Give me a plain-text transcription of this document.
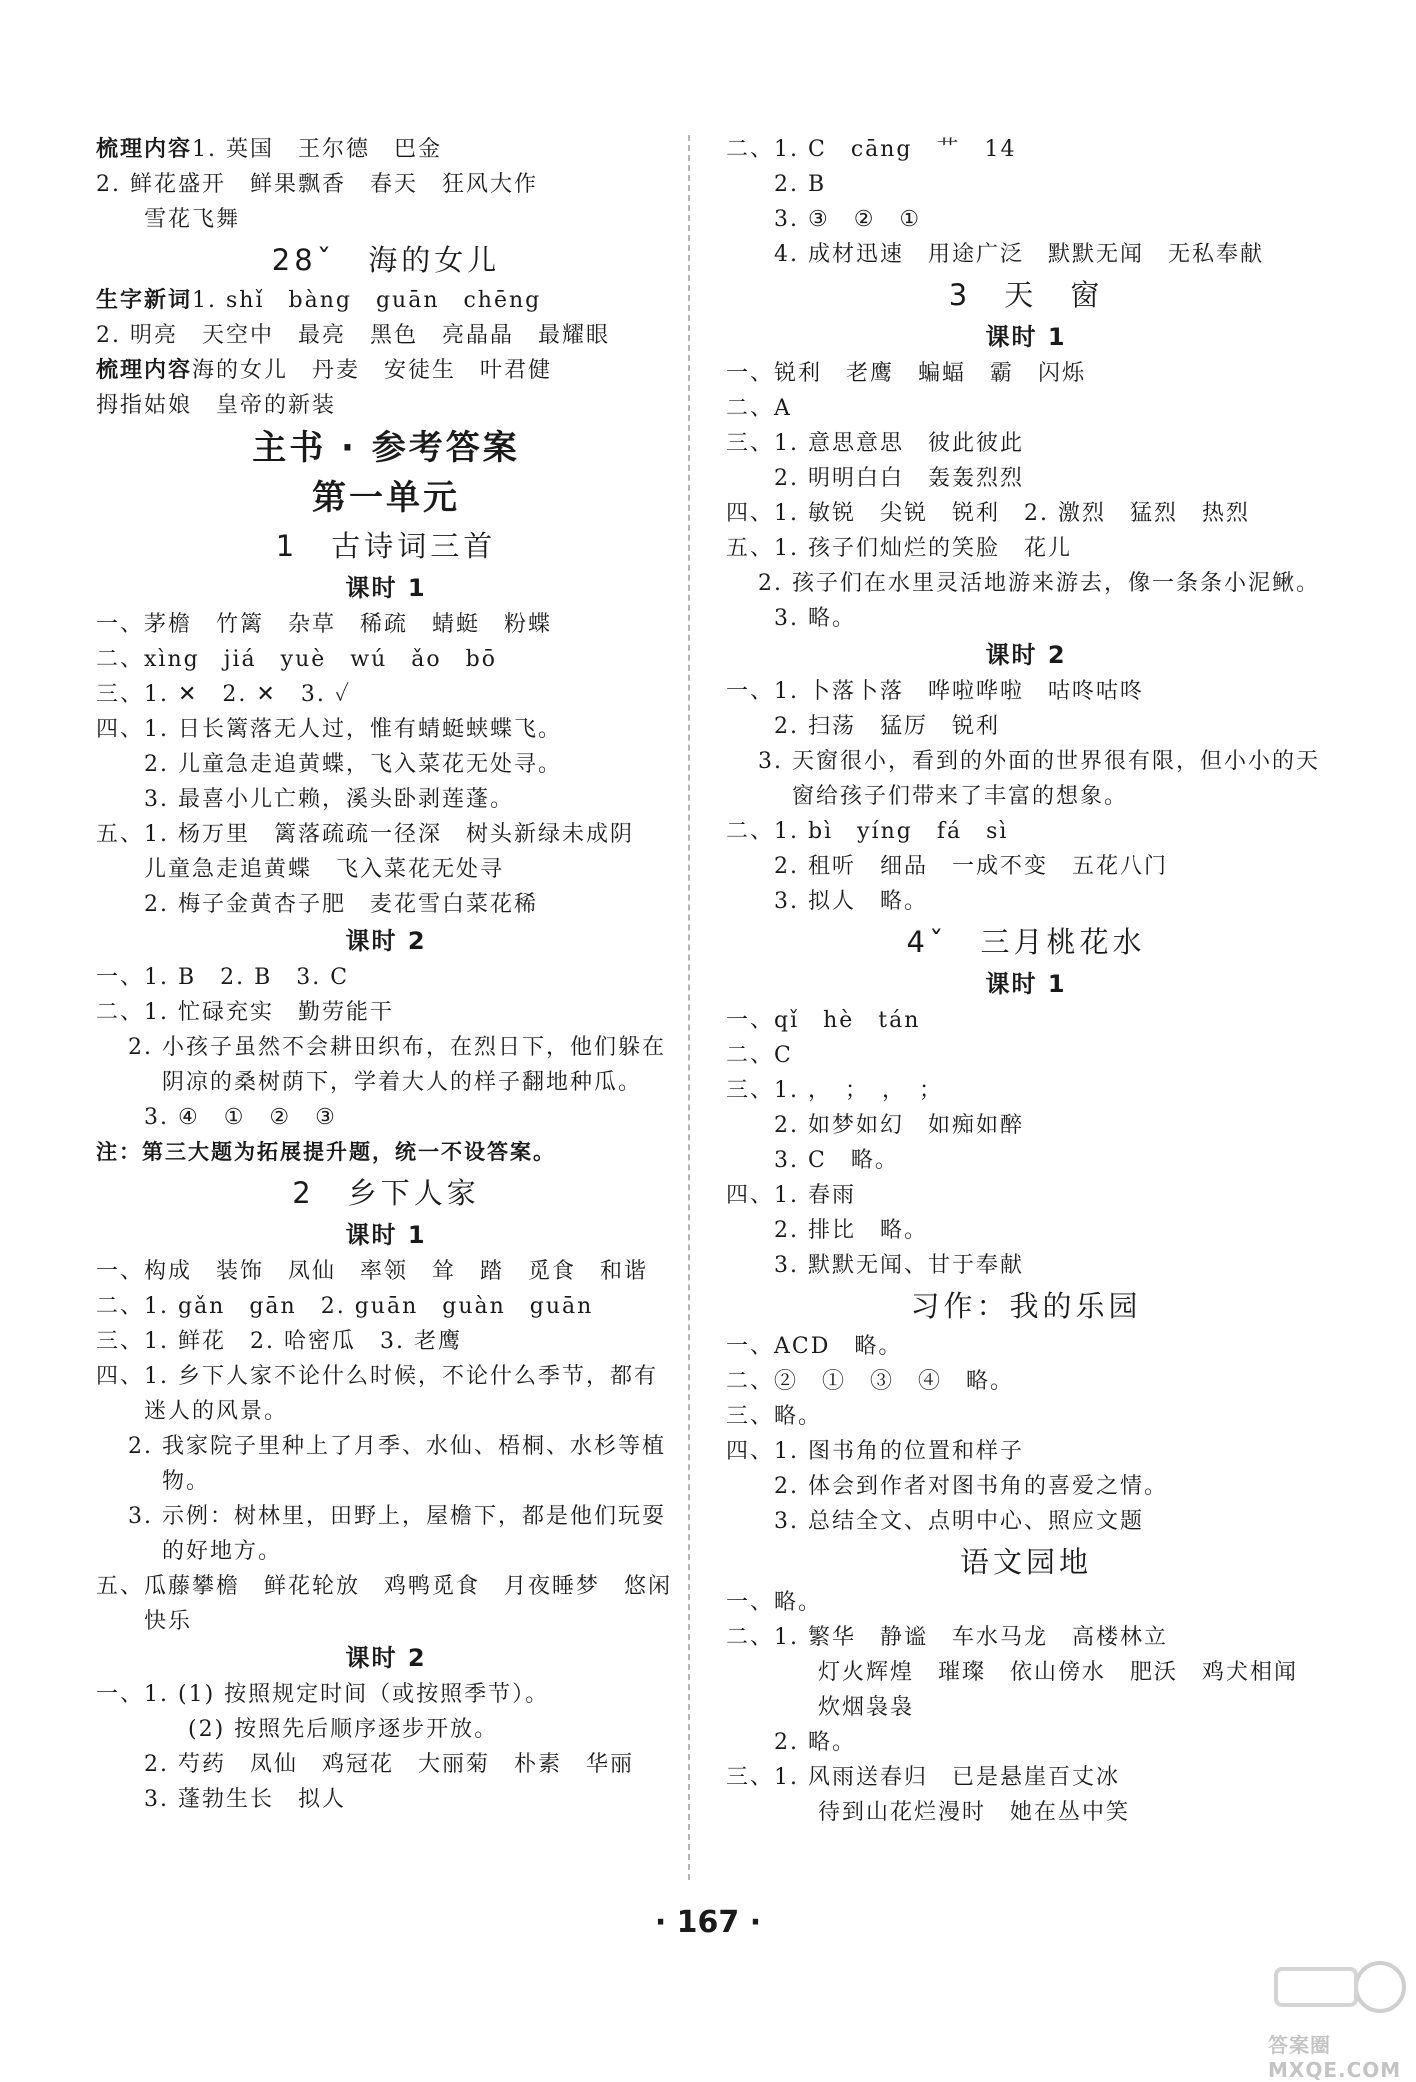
梳理内容1. 英国　王尔德　巴金
2. 鲜花盛开　鲜果飘香　春天　狂风大作
雪花飞舞
28ˇ　海的女儿
生字新词1. shǐ　bàng　guān　chēng
2. 明亮　天空中　最亮　黑色　亮晶晶　最耀眼
梳理内容海的女儿　丹麦　安徒生　叶君健
拇指姑娘　皇帝的新装
主书 · 参考答案
第一单元
1　古诗词三首
课时 1
一、茅檐　竹篱　杂草　稀疏　蜻蜓　粉蝶
二、xìng　jiá　yuè　wú　ǎo　bō
三、1. ✕　2. ✕　3. ✓
四、1. 日长篱落无人过，惟有蜻蜓蛱蝶飞。
2. 儿童急走追黄蝶，飞入菜花无处寻。
3. 最喜小儿亡赖，溪头卧剥莲蓬。
五、1. 杨万里　篱落疏疏一径深　树头新绿未成阴
儿童急走追黄蝶　飞入菜花无处寻
2. 梅子金黄杏子肥　麦花雪白菜花稀
课时 2
一、1. B　2. B　3. C
二、1. 忙碌充实　勤劳能干
2. 小孩子虽然不会耕田织布，在烈日下，他们躲在阴凉的桑树荫下，学着大人的样子翻地种瓜。
3. ④　①　②　③
注：第三大题为拓展提升题，统一不设答案。
2　乡下人家
课时 1
一、构成　装饰　凤仙　率领　耸　踏　觅食　和谐
二、1. gǎn　gān　2. guān　guàn　guān
三、1. 鲜花　2. 哈密瓜　3. 老鹰
四、1. 乡下人家不论什么时候，不论什么季节，都有迷人的风景。
2. 我家院子里种上了月季、水仙、梧桐、水杉等植物。
3. 示例：树林里，田野上，屋檐下，都是他们玩耍的好地方。
五、瓜藤攀檐　鲜花轮放　鸡鸭觅食　月夜睡梦　悠闲快乐
课时 2
一、1. (1) 按照规定时间（或按照季节）。
(2) 按照先后顺序逐步开放。
2. 芍药　凤仙　鸡冠花　大丽菊　朴素　华丽
3. 蓬勃生长　拟人
二、1. C　cāng　艹　14
2. B
3. ③　②　①
4. 成材迅速　用途广泛　默默无闻　无私奉献
3　天　窗
课时 1
一、锐利　老鹰　蝙蝠　霸　闪烁
二、A
三、1. 意思意思　彼此彼此
2. 明明白白　轰轰烈烈
四、1. 敏锐　尖锐　锐利　2. 激烈　猛烈　热烈
五、1. 孩子们灿烂的笑脸　花儿
2. 孩子们在水里灵活地游来游去，像一条条小泥鳅。
3. 略。
课时 2
一、1. 卜落卜落　哗啦哗啦　咕咚咕咚
2. 扫荡　猛厉　锐利
3. 天窗很小，看到的外面的世界很有限，但小小的天窗给孩子们带来了丰富的想象。
二、1. bì　yíng　fá　sì
2. 租听　细品　一成不变　五花八门
3. 拟人　略。
4ˇ　三月桃花水
课时 1
一、qǐ　hè　tán
二、C
三、1. ，　；　，　；
2. 如梦如幻　如痴如醉
3. C　略。
四、1. 春雨
2. 排比　略。
3. 默默无闻、甘于奉献
习作：我的乐园
一、ACD　略。
二、②　①　③　④　略。
三、略。
四、1. 图书角的位置和样子
2. 体会到作者对图书角的喜爱之情。
3. 总结全文、点明中心、照应文题
语文园地
一、略。
二、1. 繁华　静谧　车水马龙　高楼林立
灯火辉煌　璀璨　依山傍水　肥沃　鸡犬相闻　炊烟袅袅
2. 略。
三、1. 风雨送春归　已是悬崖百丈冰
待到山花烂漫时　她在丛中笑
· 167 ·
答案圈 MXQE.COM
